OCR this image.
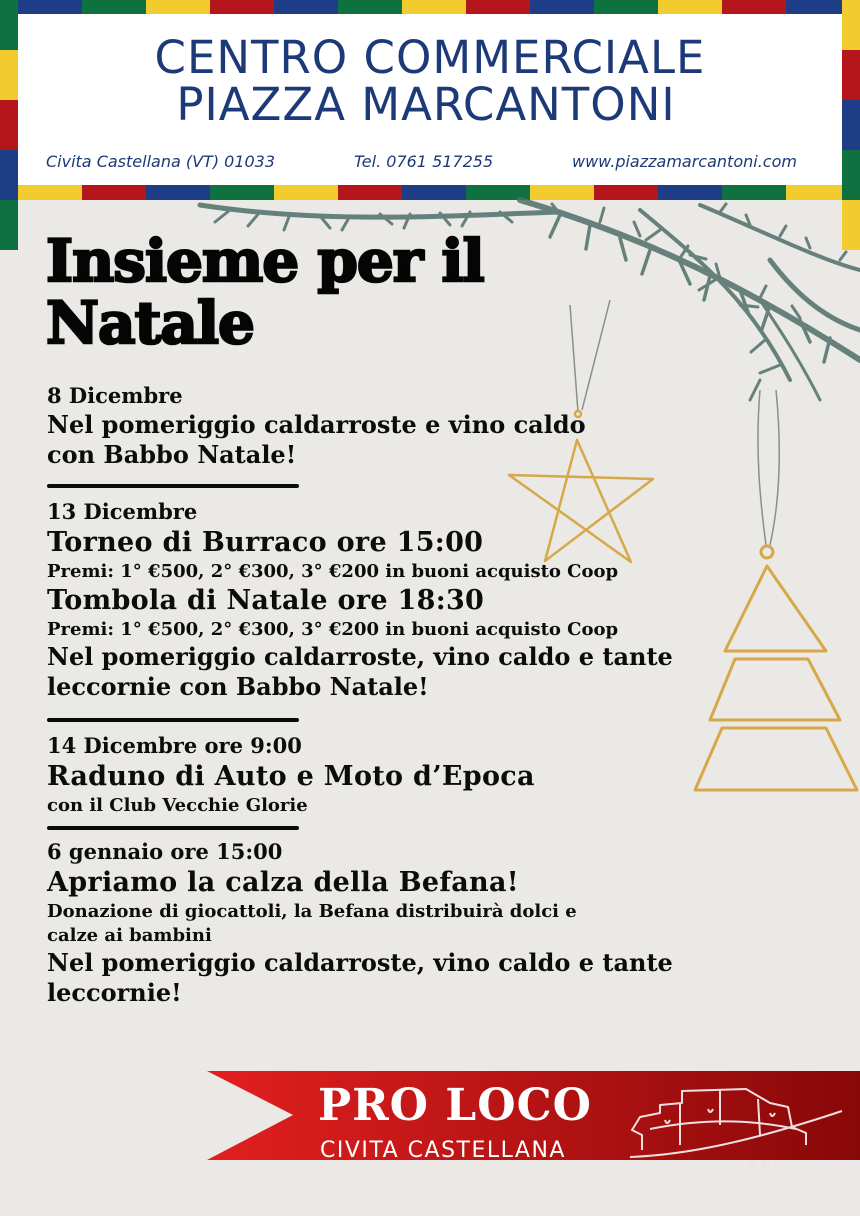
CENTRO COMMERCIALE
PIAZZA MARCANTONI
Civita Castellana (VT) 01033	Tel. 0761 517255	www.piazzamarcantoni.com
Insieme per il
Natale
8 Dicembre
Nel pomeriggio caldarroste e vino caldo
con Babbo Natale!
13 Dicembre
Torneo di Burraco ore 15:00
Premi: 1° €500, 2° €300, 3° €200 in buoni acquisto Coop
Tombola di Natale ore 18:30
Premi: 1° €500, 2° €300, 3° €200 in buoni acquisto Coop
Nel pomeriggio caldarroste, vino caldo e tante
leccornie con Babbo Natale!
14 Dicembre ore 9:00
Raduno di Auto e Moto d’Epoca
con il Club Vecchie Glorie
6 gennaio ore 15:00
Apriamo la calza della Befana!
Donazione di giocattoli, la Befana distribuirà dolci e
calze ai bambini
Nel pomeriggio caldarroste, vino caldo e tante
leccornie!
PRO LOCO
CIVITA CASTELLANA
A.P.S.
